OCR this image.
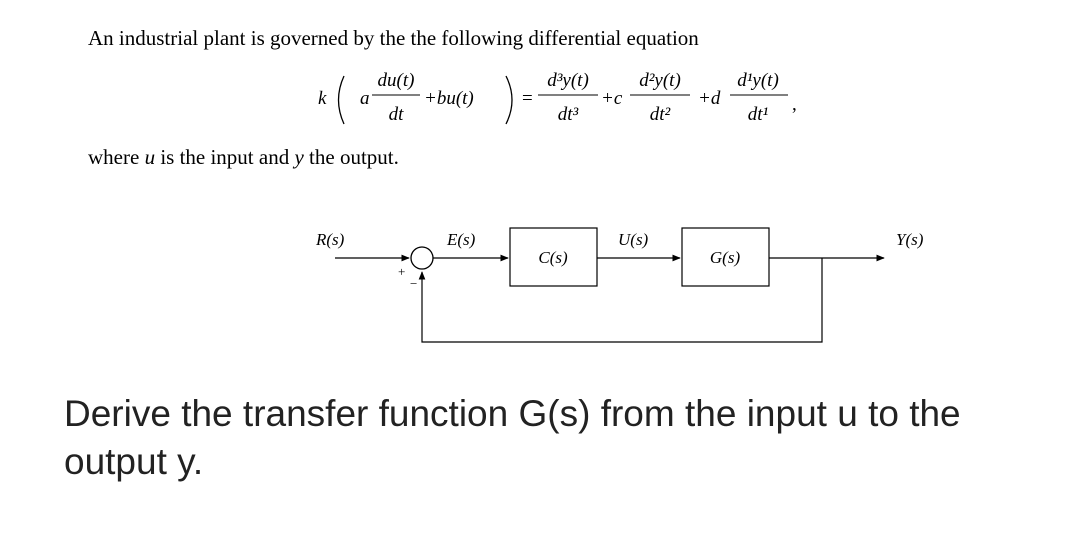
An industrial plant is governed by the the following differential equation
k a
du(t)
dt
+bu(t)	=
d³y(t)
dt³
+c
d²y(t)
dt²
+d
d¹y(t)
dt¹ ,
R(s)
+
−
E(s)
C(s)
U(s)
G(s)
Y(s)
where u is the input and y the output.
Derive the transfer function G(s) from the input u to the output y.
